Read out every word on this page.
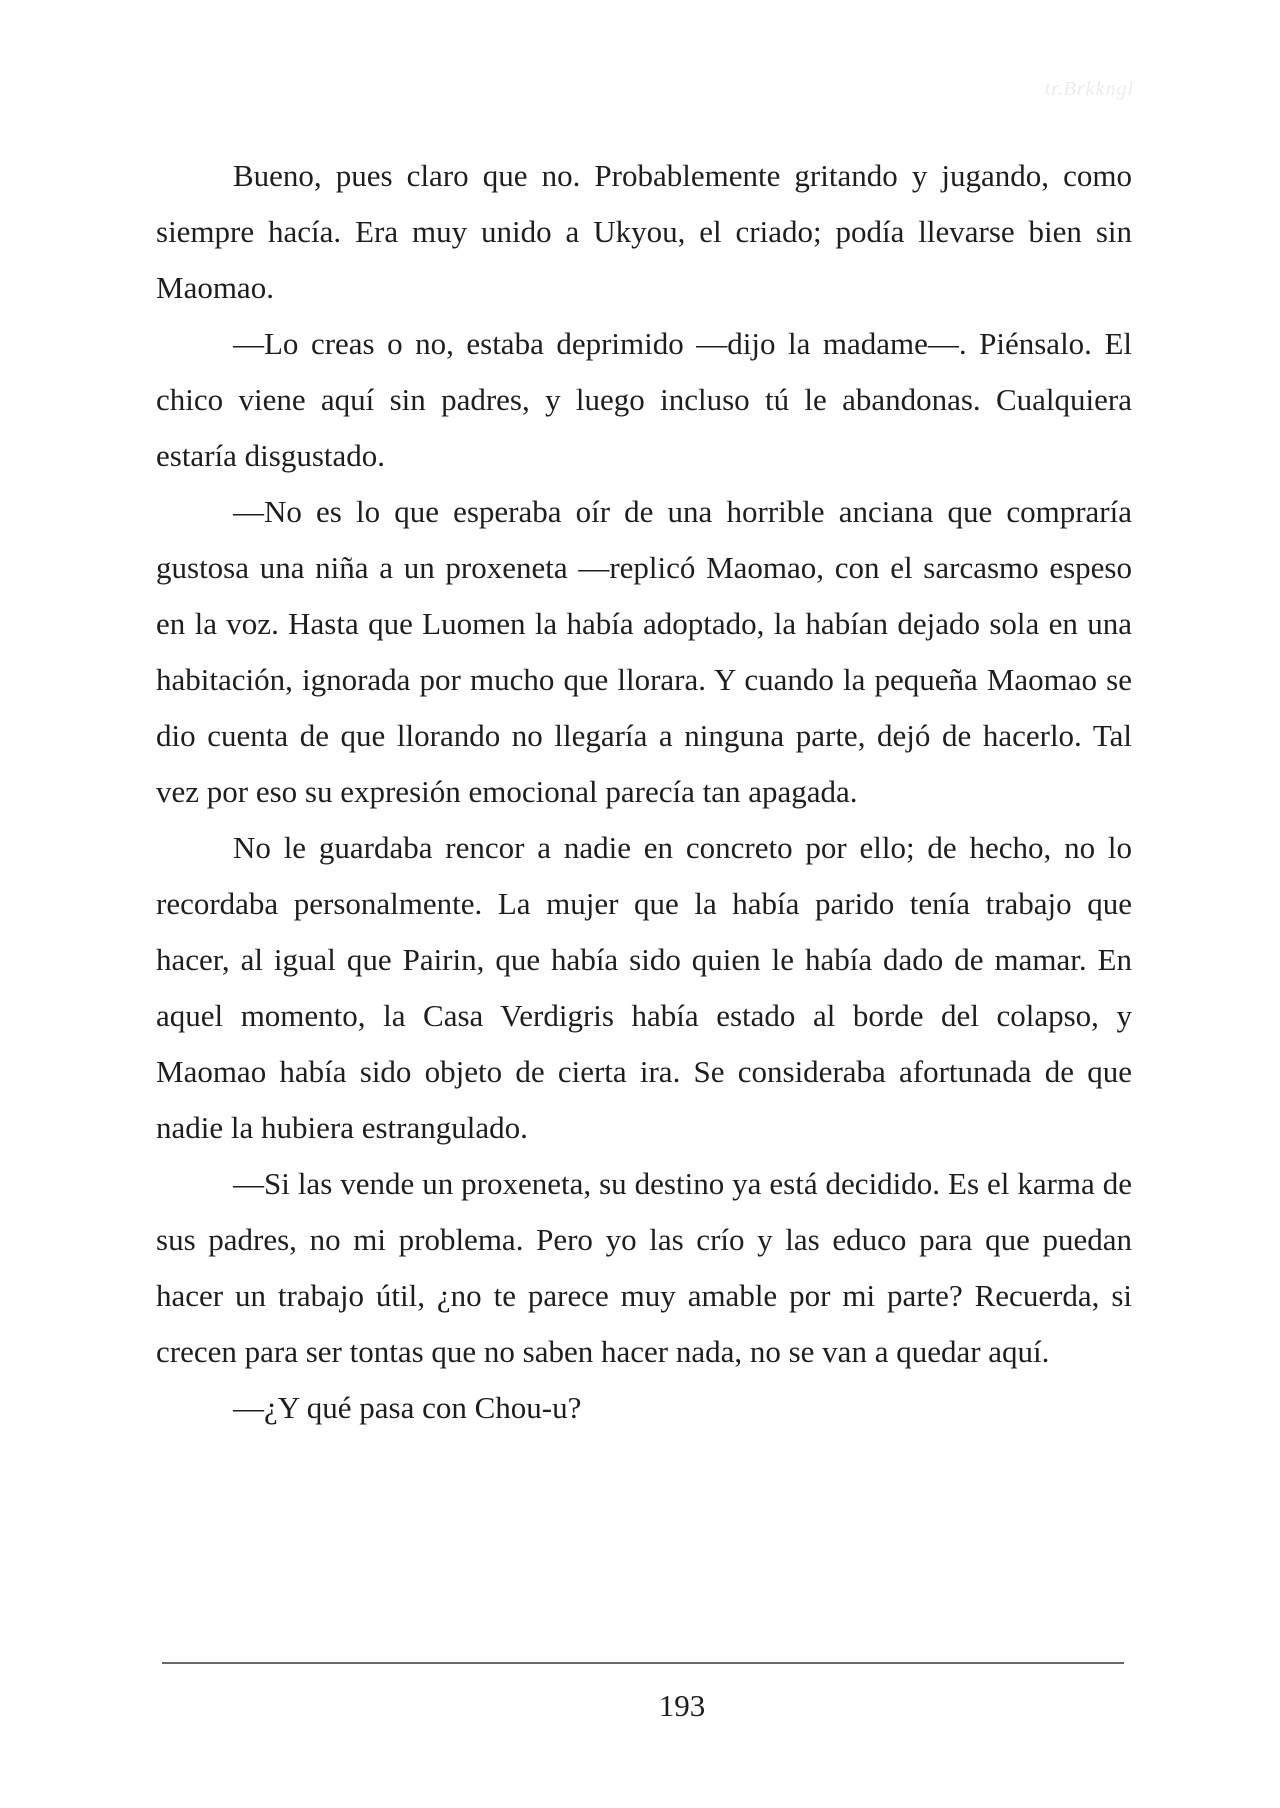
tr.Brkkngl

Bueno, pues claro que no. Probablemente gritando y jugando, como siempre hacía. Era muy unido a Ukyou, el criado; podía llevarse bien sin Maomao.

—Lo creas o no, estaba deprimido —dijo la madame—. Piénsalo. El chico viene aquí sin padres, y luego incluso tú le abandonas. Cualquiera estaría disgustado.

—No es lo que esperaba oír de una horrible anciana que compraría gustosa una niña a un proxeneta —replicó Maomao, con el sarcasmo espeso en la voz. Hasta que Luomen la había adoptado, la habían dejado sola en una habitación, ignorada por mucho que llorara. Y cuando la pequeña Maomao se dio cuenta de que llorando no llegaría a ninguna parte, dejó de hacerlo. Tal vez por eso su expresión emocional parecía tan apagada.

No le guardaba rencor a nadie en concreto por ello; de hecho, no lo recordaba personalmente. La mujer que la había parido tenía trabajo que hacer, al igual que Pairin, que había sido quien le había dado de mamar. En aquel momento, la Casa Verdigris había estado al borde del colapso, y Maomao había sido objeto de cierta ira. Se consideraba afortunada de que nadie la hubiera estrangulado.

—Si las vende un proxeneta, su destino ya está decidido. Es el karma de sus padres, no mi problema. Pero yo las crío y las educo para que puedan hacer un trabajo útil, ¿no te parece muy amable por mi parte? Recuerda, si crecen para ser tontas que no saben hacer nada, no se van a quedar aquí.

—¿Y qué pasa con Chou-u?

193
